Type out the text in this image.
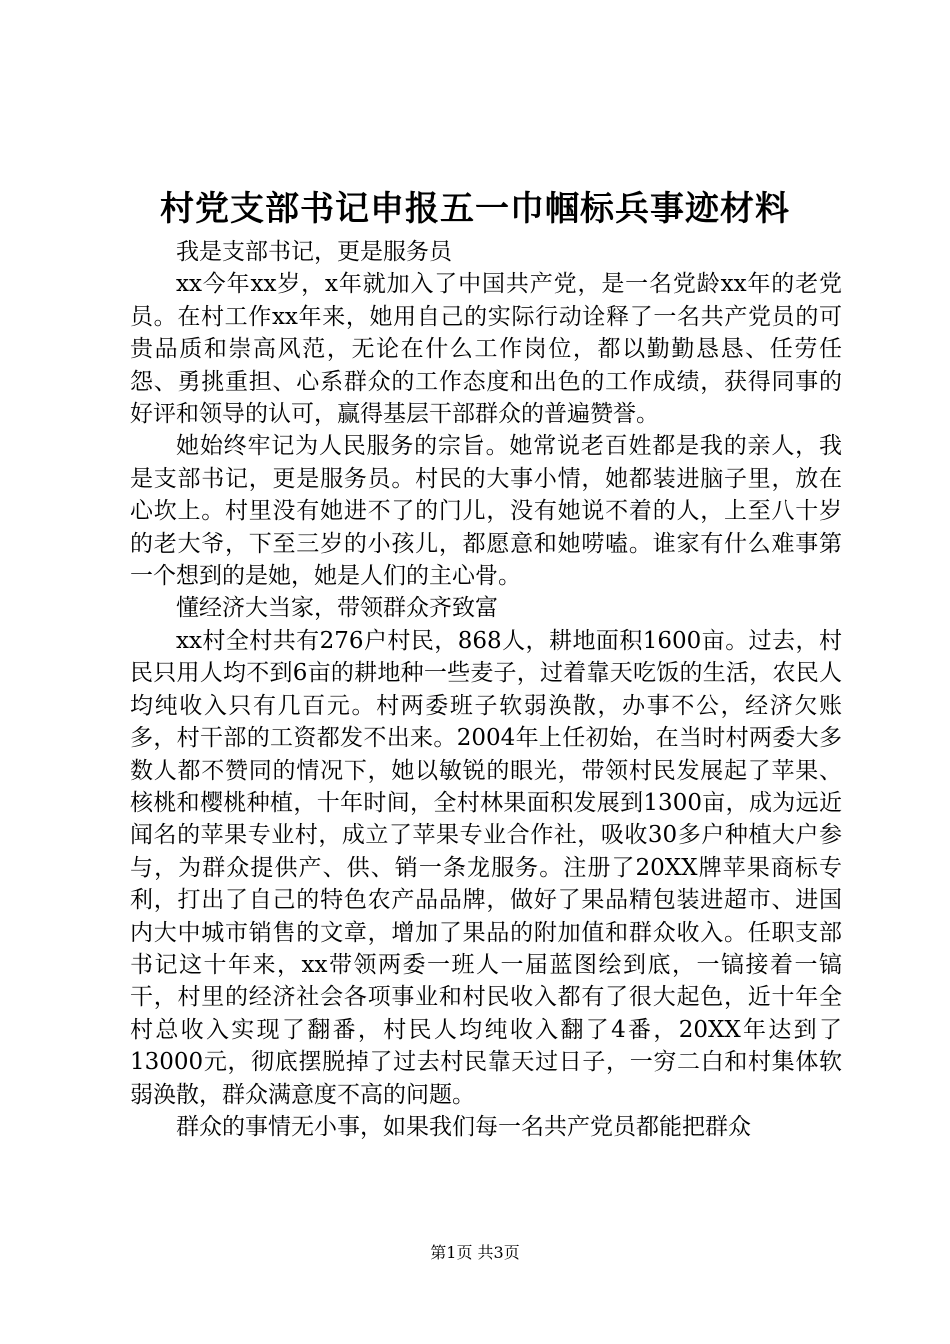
村党支部书记申报五一巾帼标兵事迹材料

我是支部书记，更是服务员

xx今年xx岁，x年就加入了中国共产党，是一名党龄xx年的老党员。在村工作xx年来，她用自己的实际行动诠释了一名共产党员的可贵品质和崇高风范，无论在什么工作岗位，都以勤勤恳恳、任劳任怨、勇挑重担、心系群众的工作态度和出色的工作成绩，获得同事的好评和领导的认可，赢得基层干部群众的普遍赞誉。

她始终牢记为人民服务的宗旨。她常说老百姓都是我的亲人，我是支部书记，更是服务员。村民的大事小情，她都装进脑子里，放在心坎上。村里没有她进不了的门儿，没有她说不着的人，上至八十岁的老大爷，下至三岁的小孩儿，都愿意和她唠嗑。谁家有什么难事第一个想到的是她，她是人们的主心骨。

懂经济大当家，带领群众齐致富

xx村全村共有276户村民，868人，耕地面积1600亩。过去，村民只用人均不到6亩的耕地种一些麦子，过着靠天吃饭的生活，农民人均纯收入只有几百元。村两委班子软弱涣散，办事不公，经济欠账多，村干部的工资都发不出来。2004年上任初始，在当时村两委大多数人都不赞同的情况下，她以敏锐的眼光，带领村民发展起了苹果、核桃和樱桃种植，十年时间，全村林果面积发展到1300亩，成为远近闻名的苹果专业村，成立了苹果专业合作社，吸收30多户种植大户参与，为群众提供产、供、销一条龙服务。注册了20XX牌苹果商标专利，打出了自己的特色农产品品牌，做好了果品精包装进超市、进国内大中城市销售的文章，增加了果品的附加值和群众收入。任职支部书记这十年来，xx带领两委一班人一届蓝图绘到底，一镐接着一镐干，村里的经济社会各项事业和村民收入都有了很大起色，近十年全村总收入实现了翻番，村民人均纯收入翻了4番，20XX年达到了13000元，彻底摆脱掉了过去村民靠天过日子，一穷二白和村集体软弱涣散，群众满意度不高的问题。

群众的事情无小事，如果我们每一名共产党员都能把群众

第1页 共3页
